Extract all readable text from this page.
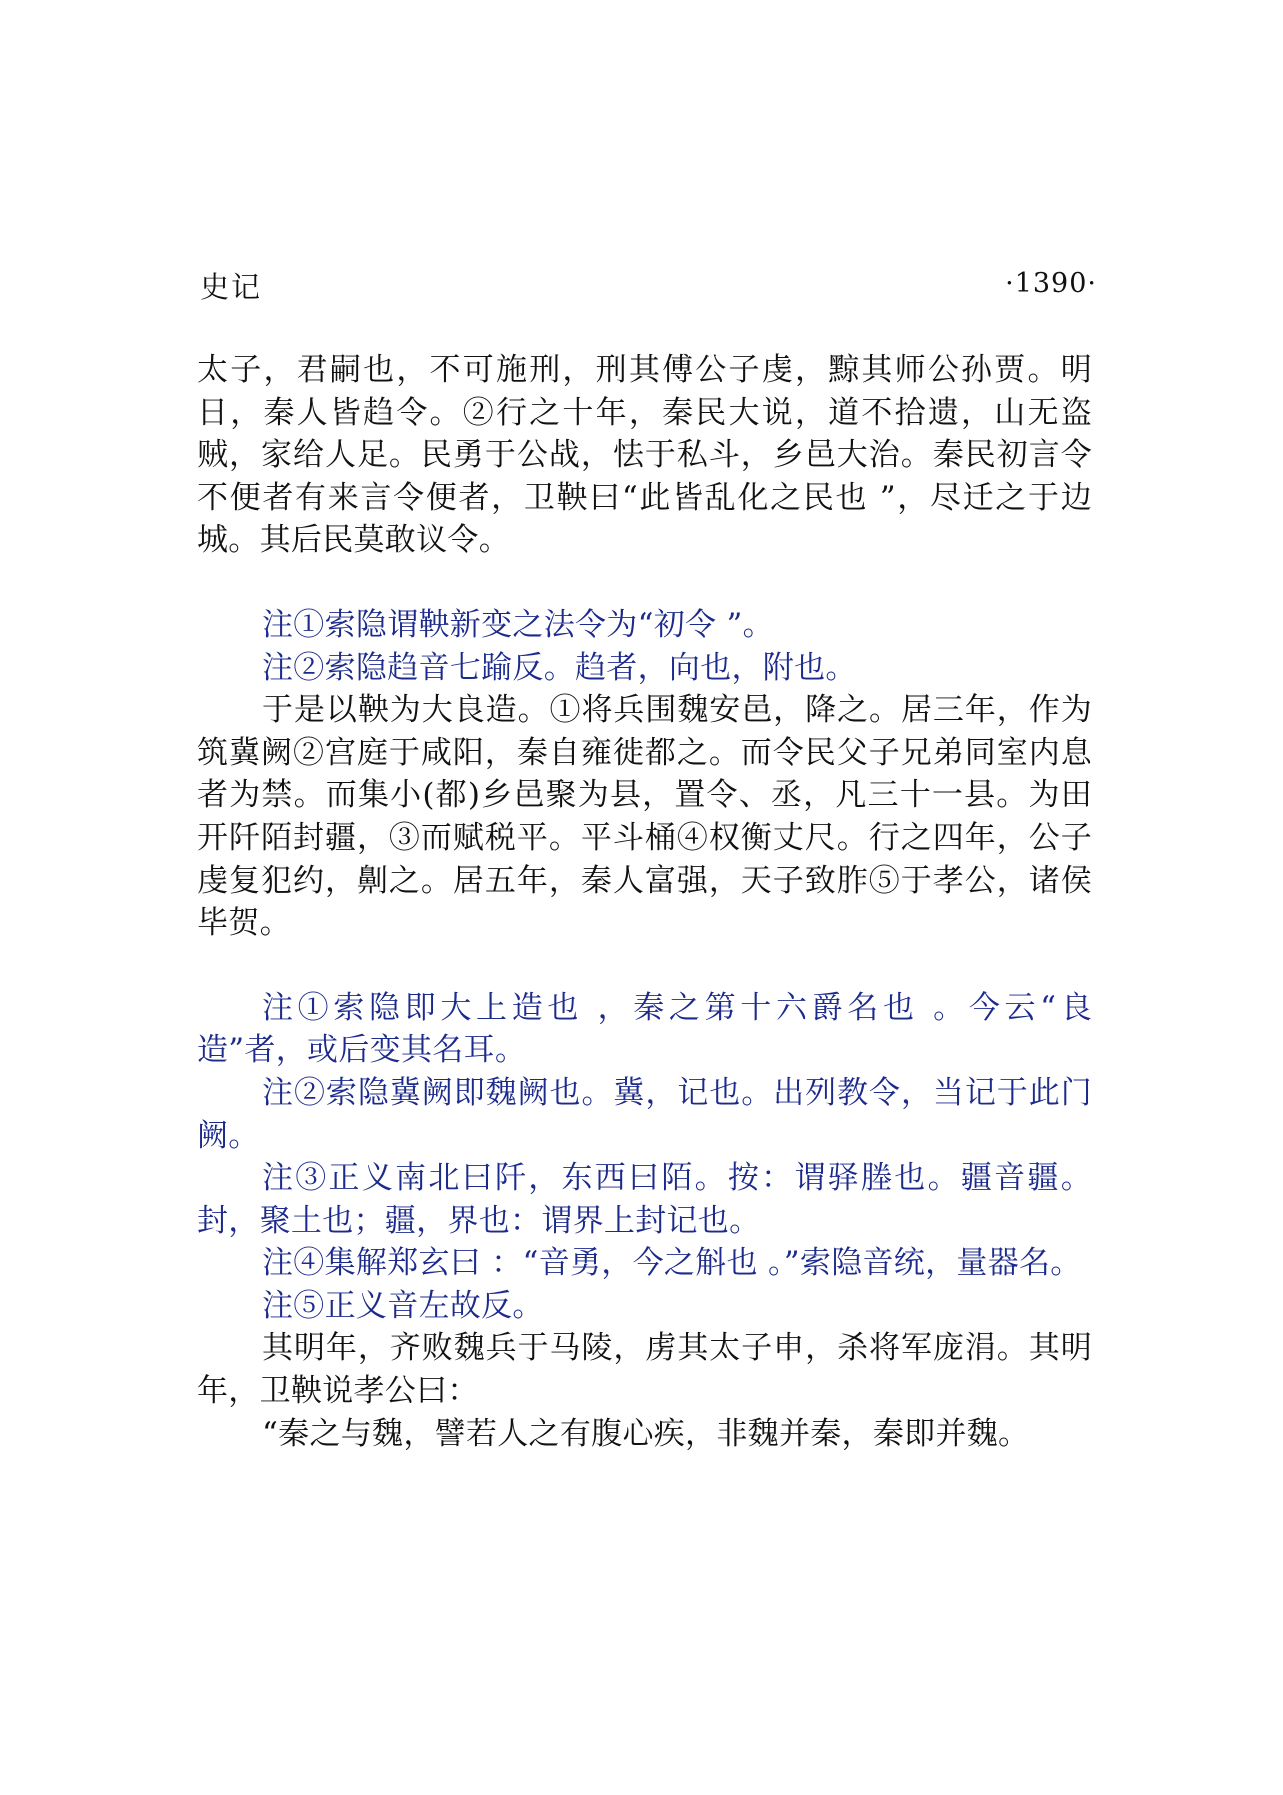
史记	·1390·

太子，君嗣也，不可施刑，刑其傅公子虔，黥其师公孙贾。明日，秦人皆趋令。②行之十年，秦民大说，道不拾遗，山无盗贼，家给人足。民勇于公战，怯于私斗，乡邑大治。秦民初言令不便者有来言令便者，卫鞅曰“此皆乱化之民也 ”，尽迁之于边城。其后民莫敢议令。

注①索隐谓鞅新变之法令为“初令 ”。

注②索隐趋音七踰反。趋者，向也，附也。

于是以鞅为大良造。①将兵围魏安邑，降之。居三年，作为筑冀阙②宫庭于咸阳，秦自雍徙都之。而令民父子兄弟同室内息者为禁。而集小(都)乡邑聚为县，置令、丞，凡三十一县。为田开阡陌封疆，③而赋税平。平斗桶④权衡丈尺。行之四年，公子虔复犯约，劓之。居五年，秦人富强，天子致胙⑤于孝公，诸侯毕贺。

注①索隐即大上造也 ，秦之第十六爵名也 。今云“良造”者，或后变其名耳。

注②索隐冀阙即魏阙也。冀，记也。出列教令，当记于此门阙。

注③正义南北曰阡，东西曰陌。按：谓驿塍也。疆音疆。封，聚土也；疆，界也：谓界上封记也。

注④集解郑玄曰 ：“音勇，今之斛也 。”索隐音统，量器名。

注⑤正义音左故反。

其明年，齐败魏兵于马陵，虏其太子申，杀将军庞涓。其明年，卫鞅说孝公曰：

“秦之与魏，譬若人之有腹心疾，非魏并秦，秦即并魏。
